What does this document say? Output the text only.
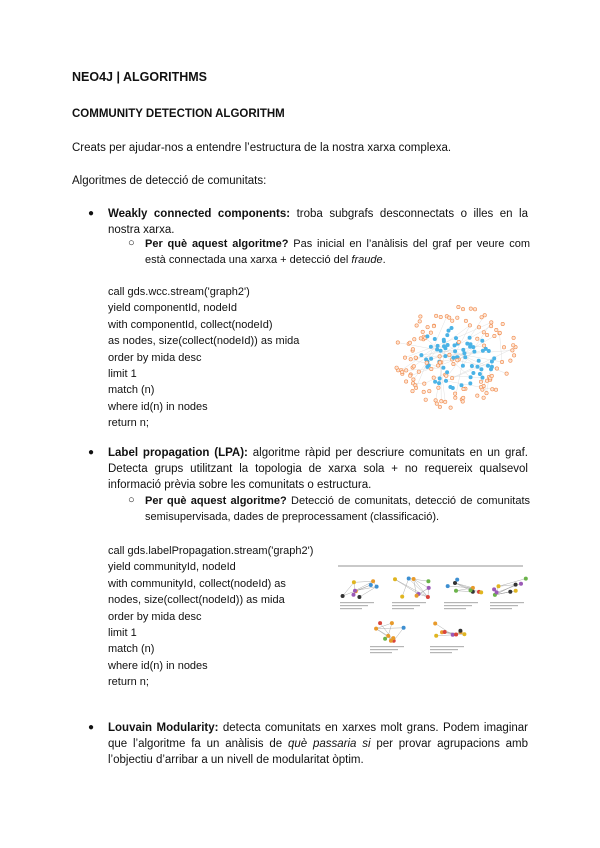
NEO4J | ALGORITHMS
COMMUNITY DETECTION ALGORITHM
Creats per ajudar-nos a entendre l’estructura de la nostra xarxa complexa.
Algoritmes de detecció de comunitats:
● Weakly connected components: troba subgrafs desconnectats o illes en la nostra xarxa.
○ Per què aquest algoritme? Pas inicial en l’anàlisis del graf per veure com està connectada una xarxa + detecció del fraude.
call gds.wcc.stream('graph2')
yield componentId, nodeId
with componentId, collect(nodeId)
as nodes, size(collect(nodeId)) as mida
order by mida desc
limit 1
match (n)
where id(n) in nodes
return n;
● Label propagation (LPA): algoritme ràpid per descriure comunitats en un graf. Detecta grups utilitzant la topologia de xarxa sola + no requereix qualsevol informació prèvia sobre les comunitats o estructura.
○ Per què aquest algoritme? Detecció de comunitats, detecció de comunitats semisupervisada, dades de preprocessament (classificació).
call gds.labelPropagation.stream('graph2')
yield communityId, nodeId
with communityId, collect(nodeId) as
nodes, size(collect(nodeId)) as mida
order by mida desc
limit 1
match (n)
where id(n) in nodes
return n;
● Louvain Modularity: detecta comunitats en xarxes molt grans. Podem imaginar que l’algoritme fa un anàlisis de què passaria si per provar agrupacions amb l’objectiu d’arribar a un nivell de modularitat òptim.
